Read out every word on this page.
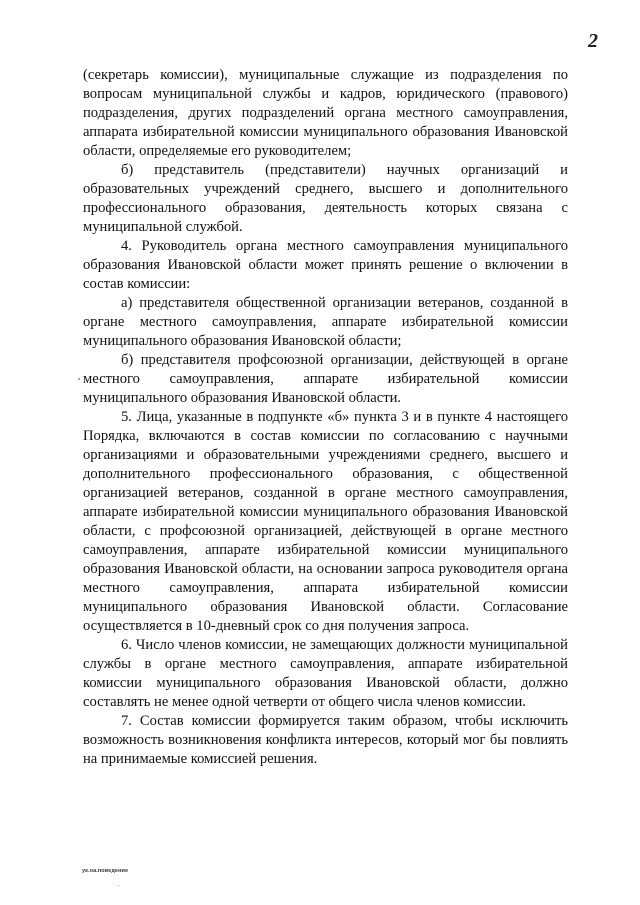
2

(секретарь комиссии), муниципальные служащие из подразделения по вопросам муниципальной службы и кадров, юридического (правового) подразделения, других подразделений органа местного самоуправления, аппарата избирательной комиссии муниципального образования Ивановской области, определяемые его руководителем;

б) представитель (представители) научных организаций и образовательных учреждений среднего, высшего и дополнительного профессионального образования, деятельность которых связана с муниципальной службой.

4. Руководитель органа местного самоуправления муниципального образования Ивановской области может принять решение о включении в состав комиссии:

а) представителя общественной организации ветеранов, созданной в органе местного самоуправления, аппарате избирательной комиссии муниципального образования Ивановской области;

б) представителя профсоюзной организации, действующей в органе местного самоуправления, аппарате избирательной комиссии муниципального образования Ивановской области.

5. Лица, указанные в подпункте «б» пункта 3 и в пункте 4 настоящего Порядка, включаются в состав комиссии по согласованию с научными организациями и образовательными учреждениями среднего, высшего и дополнительного профессионального образования, с общественной организацией ветеранов, созданной в органе местного самоуправления, аппарате избирательной комиссии муниципального образования Ивановской области, с профсоюзной организацией, действующей в органе местного самоуправления, аппарате избирательной комиссии муниципального образования Ивановской области, на основании запроса руководителя органа местного самоуправления, аппарата избирательной комиссии муниципального образования Ивановской области. Согласование осуществляется в 10-дневный срок со дня получения запроса.

6. Число членов комиссии, не замещающих должности муниципальной службы в органе местного самоуправления, аппарате избирательной комиссии муниципального образования Ивановской области, должно составлять не менее одной четверти от общего числа членов комиссии.

7. Состав комиссии формируется таким образом, чтобы исключить возможность возникновения конфликта интересов, который мог бы повлиять на принимаемые комиссией решения.

ук.оа.поведение
